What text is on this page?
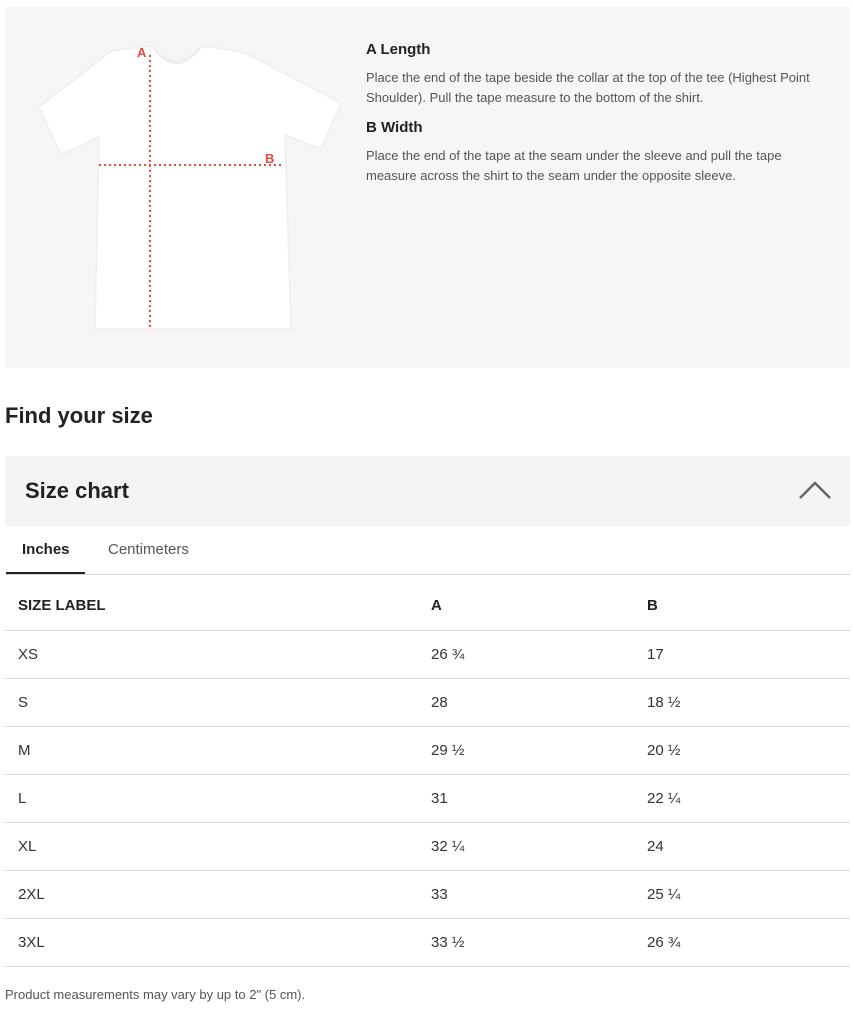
A
B

A Length

Place the end of the tape beside the collar at the top of the tee (Highest Point Shoulder). Pull the tape measure to the bottom of the shirt.

B Width

Place the end of the tape at the seam under the sleeve and pull the tape measure across the shirt to the seam under the opposite sleeve.

Find your size
Size chart
Inches	Centimeters
SIZE LABEL	A	B
XS	26 ¾	17
S	28	18 ½
M	29 ½	20 ½
L	31	22 ¼
XL	32 ¼	24
2XL	33	25 ¼
3XL	33 ½	26 ¾
Product measurements may vary by up to 2" (5 cm).
